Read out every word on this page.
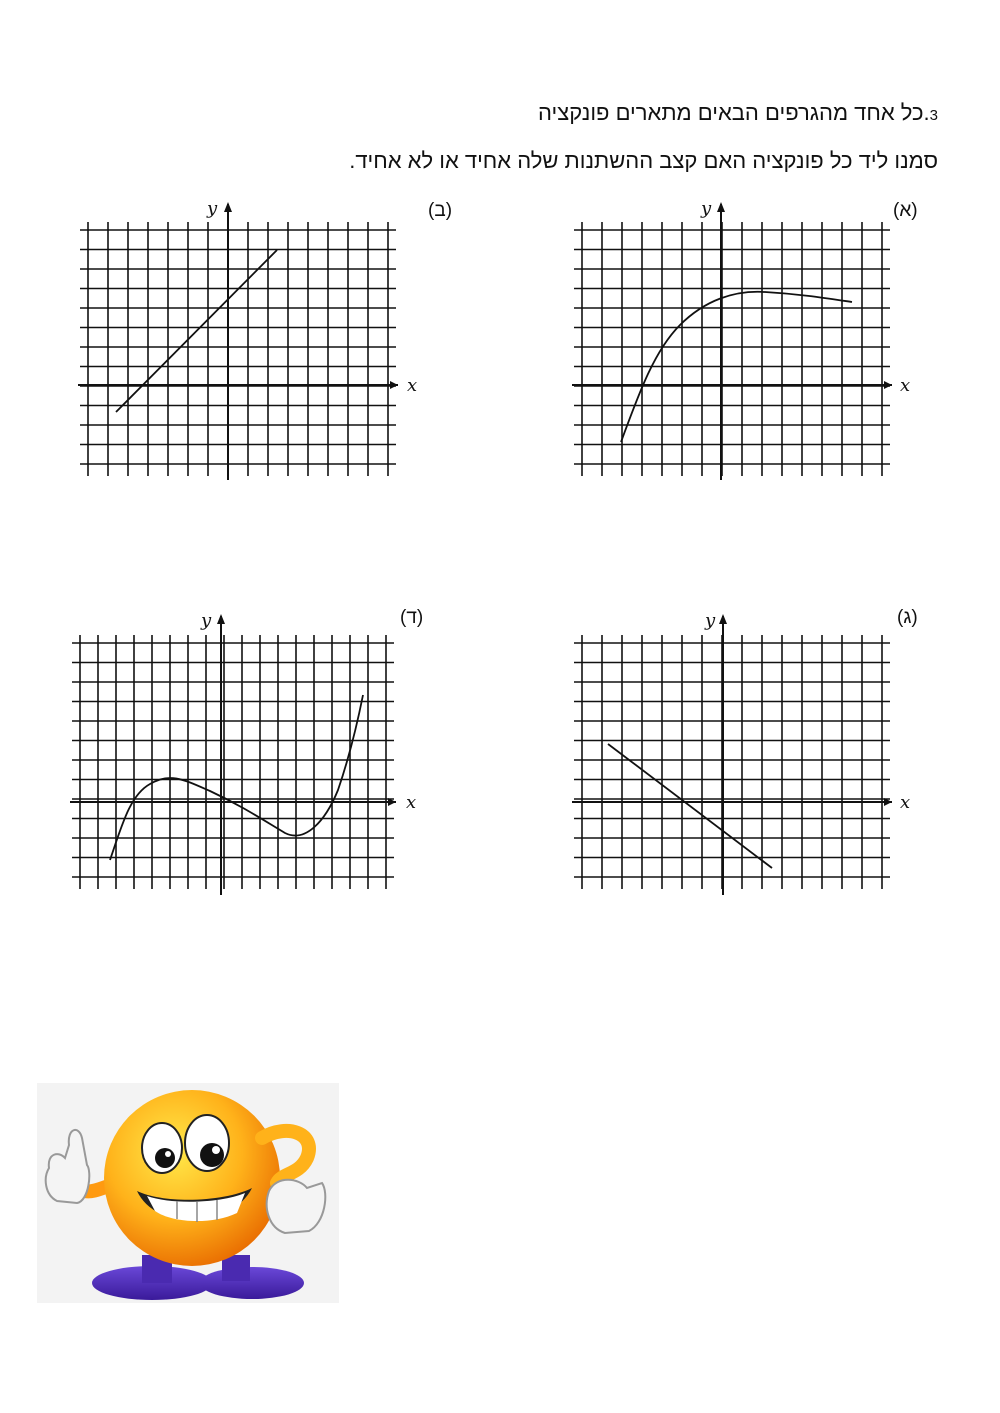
3.כל אחד מהגרפים הבאים מתארים פונקציה
סמנו ליד כל פונקציה האם קצב ההשתנות שלה אחיד או לא אחיד.
(א)
(ב)
(ג)
(ד)
x
y
x
y
x
y
x
y
